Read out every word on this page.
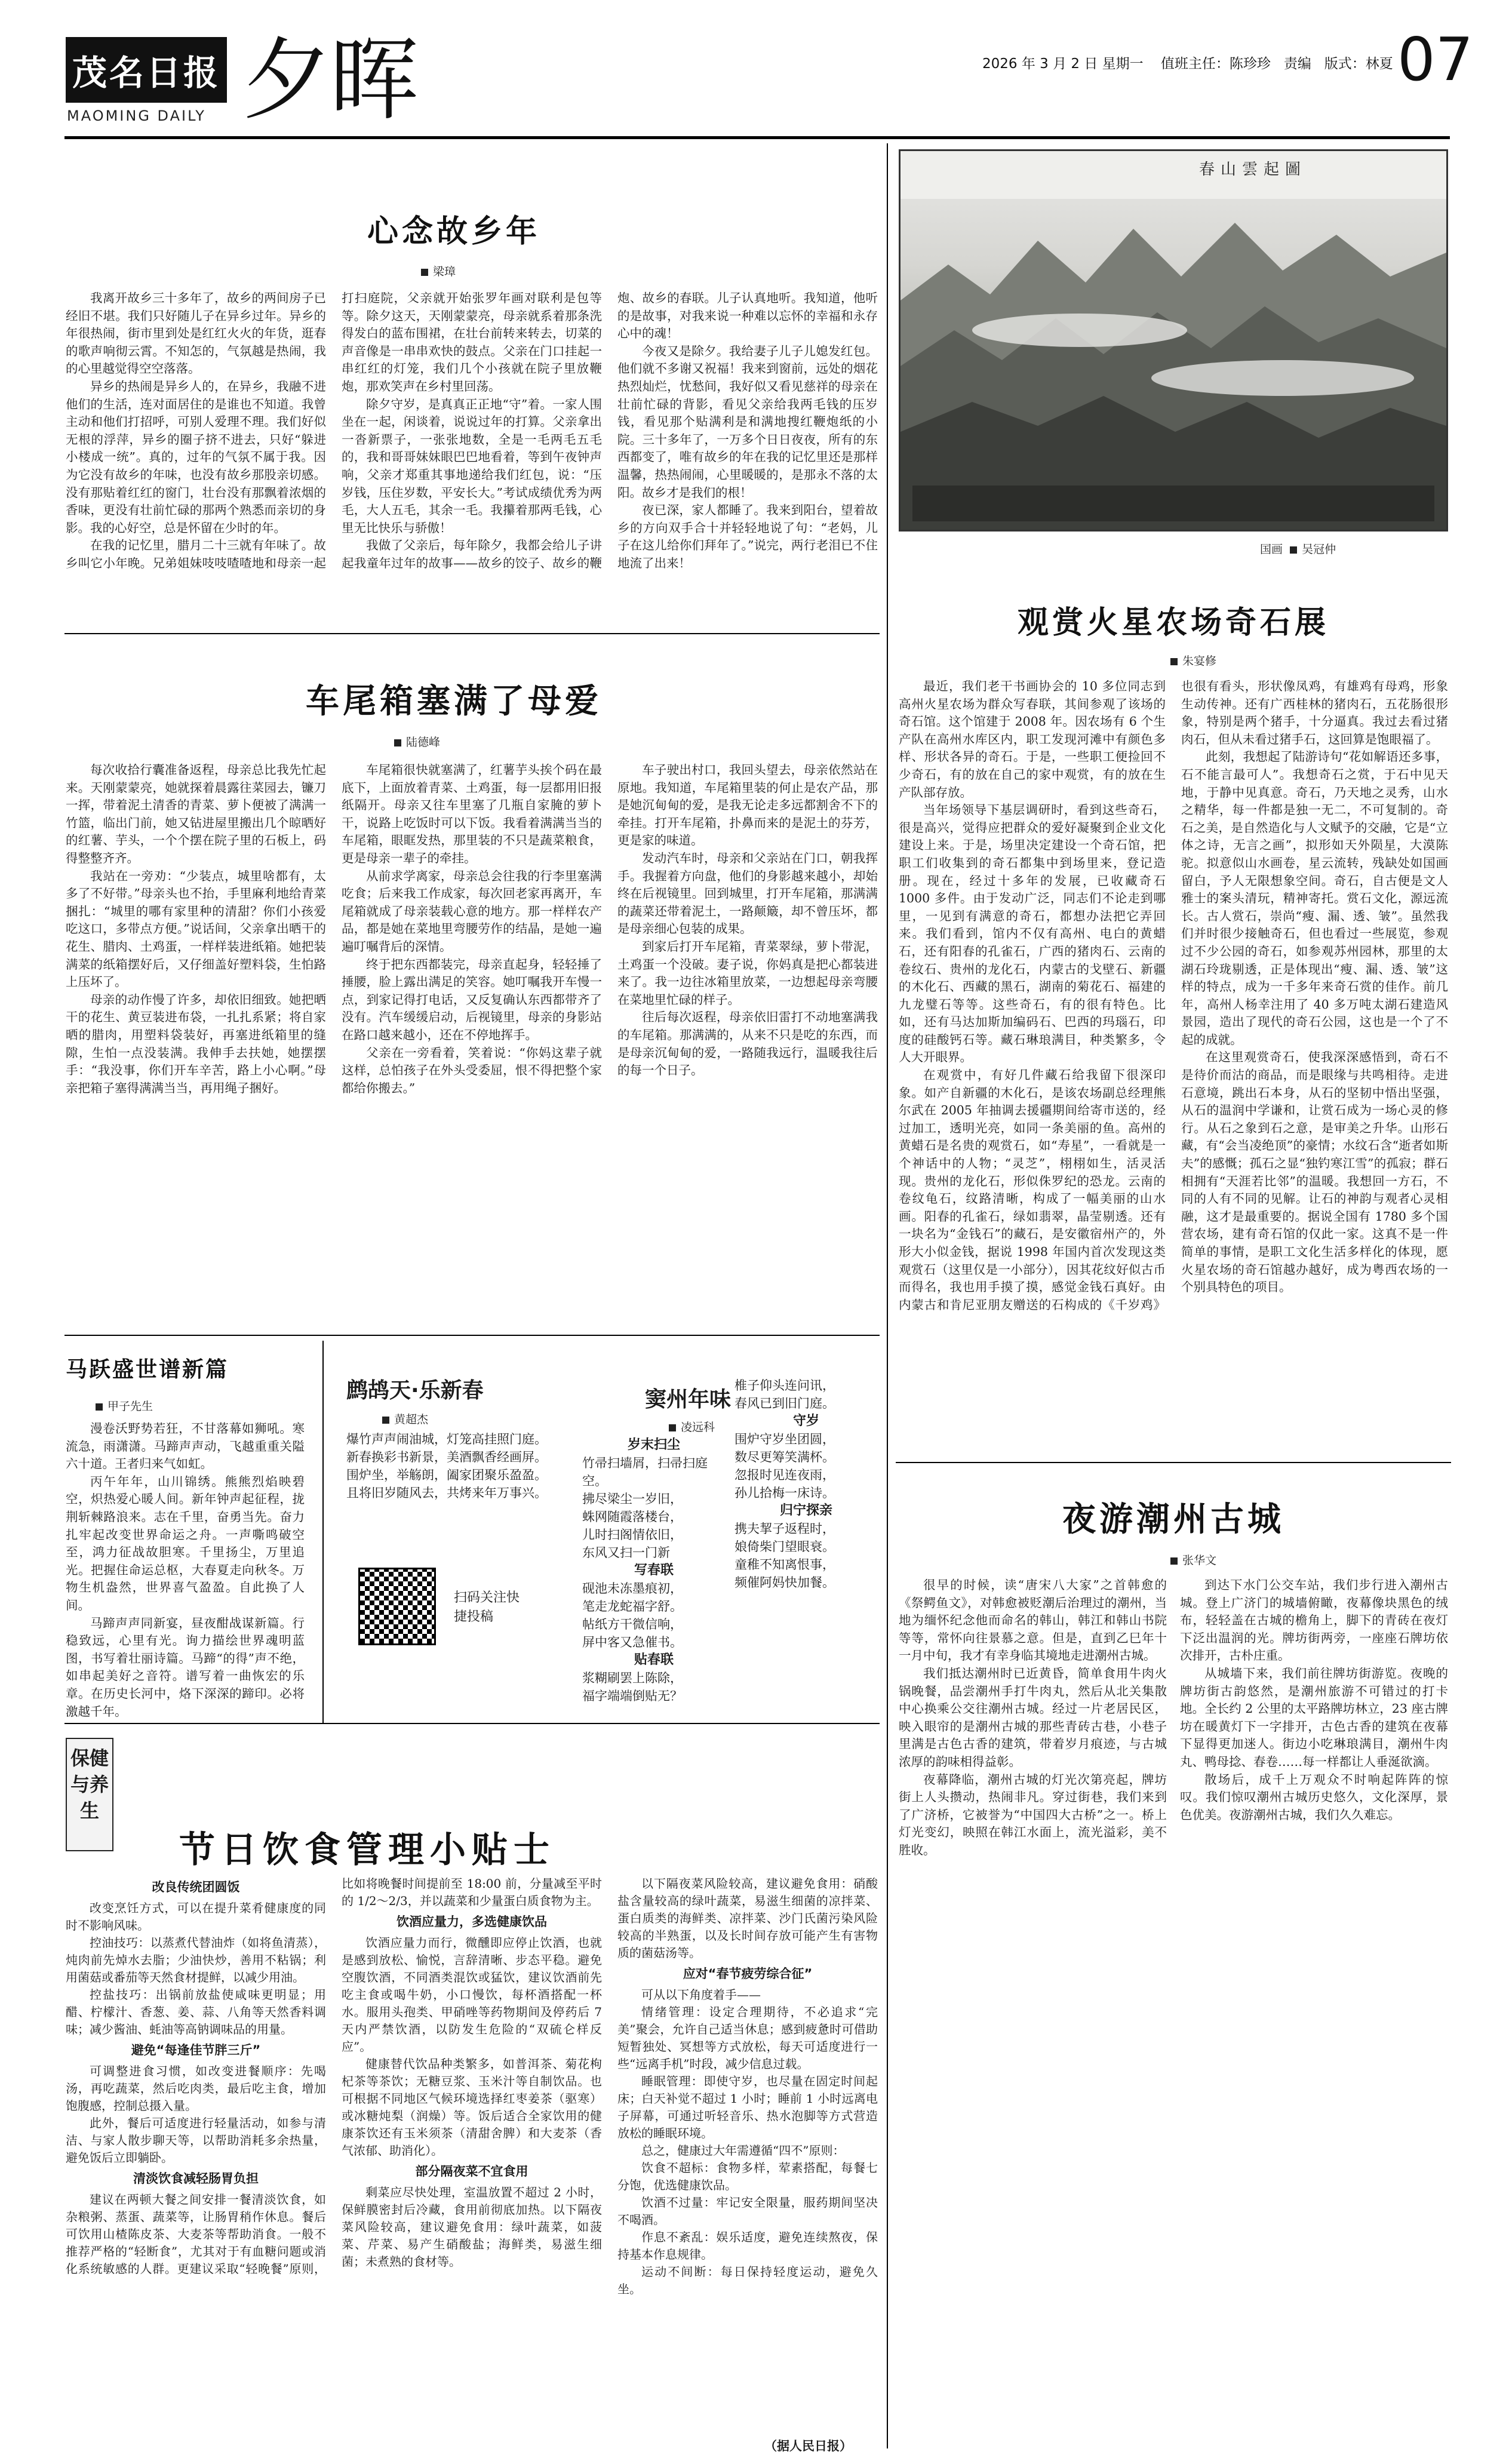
茂名日报
MAOMING DAILY 夕晖	2026 年 3 月 2 日 星期一 值班主任：陈珍珍 责编 版式：林夏 07
心念故乡年
梁璋

我离开故乡三十多年了，故乡的两间房子已经旧不堪。我们只好随儿子在异乡过年。异乡的年很热闹，街市里到处是红红火火的年货，逛春的歌声响彻云霄。不知怎的，气氛越是热闹，我的心里越觉得空空落落。

异乡的热闹是异乡人的，在异乡，我融不进他们的生活，连对面居住的是谁也不知道。我曾主动和他们打招呼，可别人爱理不理。我们好似无根的浮萍，异乡的圈子挤不进去，只好“躲进小楼成一统”。真的，过年的气氛不属于我。因为它没有故乡的年味，也没有故乡那股亲切感。没有那贴着红红的窗门，壮台没有那飘着浓烟的香味，更没有壮前忙碌的那两个熟悉而亲切的身影。我的心好空，总是怀留在少时的年。

在我的记忆里，腊月二十三就有年味了。故乡叫它小年晚。兄弟姐妹吱吱喳喳地和母亲一起打扫庭院，父亲就开始张罗年画对联利是包等等。除夕这天，天刚蒙蒙亮，母亲就系着那条洗得发白的蓝布围裙，在壮台前转来转去，切菜的声音像是一串串欢快的鼓点。父亲在门口挂起一串红红的灯笼，我们几个小孩就在院子里放鞭炮，那欢笑声在乡村里回荡。

除夕守岁，是真真正正地“守”着。一家人围坐在一起，闲谈着，说说过年的打算。父亲拿出一沓新票子，一张张地数，全是一毛两毛五毛的，我和哥哥妹妹眼巴巴地看着，等到午夜钟声响，父亲才郑重其事地递给我们红包，说：“压岁钱，压住岁数，平安长大。”考试成绩优秀为两毛，大人五毛，其余一毛。我攥着那两毛钱，心里无比快乐与骄傲！

我做了父亲后，每年除夕，我都会给儿子讲起我童年过年的故事——故乡的饺子、故乡的鞭炮、故乡的春联。儿子认真地听。我知道，他听的是故事，对我来说一种难以忘怀的幸福和永存心中的魂！

今夜又是除夕。我给妻子儿子儿媳发红包。他们就不多谢又祝福！我来到窗前，远处的烟花热烈灿烂，忧愁间，我好似又看见慈祥的母亲在壮前忙碌的背影，看见父亲给我两毛钱的压岁钱，看见那个贴满利是和满地搜红鞭炮纸的小院。三十多年了，一万多个日日夜夜，所有的东西都变了，唯有故乡的年在我的记忆里还是那样温馨，热热闹闹，心里暖暖的，是那永不落的太阳。故乡才是我们的根！

夜已深，家人都睡了。我来到阳台，望着故乡的方向双手合十并轻轻地说了句：“老妈，儿子在这儿给你们拜年了。”说完，两行老泪已不住地流了出来！

车尾箱塞满了母爱
陆德峰

每次收拾行囊准备返程，母亲总比我先忙起来。天刚蒙蒙亮，她就探着晨露往菜园去，镰刀一挥，带着泥土清香的青菜、萝卜便被了满满一竹篮，临出门前，她又钻进屋里搬出几个晾晒好的红薯、芋头，一个个摆在院子里的石板上，码得整整齐齐。

我站在一旁劝：“少装点，城里啥都有，太多了不好带。”母亲头也不抬，手里麻利地给青菜捆扎：“城里的哪有家里种的清甜？你们小孩爱吃这口，多带点方便。”说话间，父亲拿出晒干的花生、腊肉、土鸡蛋，一样样装进纸箱。她把装满菜的纸箱摆好后，又仔细盖好塑料袋，生怕路上压坏了。

母亲的动作慢了许多，却依旧细致。她把晒干的花生、黄豆装进布袋，一扎扎系紧；将自家晒的腊肉，用塑料袋装好，再塞进纸箱里的缝隙，生怕一点没装满。我伸手去扶她，她摆摆手：“我没事，你们开车辛苦，路上小心啊。”母亲把箱子塞得满满当当，再用绳子捆好。

车尾箱很快就塞满了，红薯芋头挨个码在最底下，上面放着青菜、土鸡蛋，每一层都用旧报纸隔开。母亲又往车里塞了几瓶自家腌的萝卜干，说路上吃饭时可以下饭。我看着满满当当的车尾箱，眼眶发热，那里装的不只是蔬菜粮食，更是母亲一辈子的牵挂。

从前求学离家，母亲总会往我的行李里塞满吃食；后来我工作成家，每次回老家再离开，车尾箱就成了母亲装载心意的地方。那一样样农产品，都是她在菜地里弯腰劳作的结晶，是她一遍遍叮嘱背后的深情。

终于把东西都装完，母亲直起身，轻轻捶了捶腰，脸上露出满足的笑容。她叮嘱我开车慢一点，到家记得打电话，又反复确认东西都带齐了没有。汽车缓缓启动，后视镜里，母亲的身影站在路口越来越小，还在不停地挥手。

父亲在一旁看着，笑着说：“你妈这辈子就这样，总怕孩子在外头受委屈，恨不得把整个家都给你搬去。”

车子驶出村口，我回头望去，母亲依然站在原地。我知道，车尾箱里装的何止是农产品，那是她沉甸甸的爱，是我无论走多远都割舍不下的牵挂。打开车尾箱，扑鼻而来的是泥土的芬芳，更是家的味道。

发动汽车时，母亲和父亲站在门口，朝我挥手。我握着方向盘，他们的身影越来越小，却始终在后视镜里。回到城里，打开车尾箱，那满满的蔬菜还带着泥土，一路颠簸，却不曾压坏，都是母亲细心包装的成果。

到家后打开车尾箱，青菜翠绿，萝卜带泥，土鸡蛋一个没破。妻子说，你妈真是把心都装进来了。我一边往冰箱里放菜，一边想起母亲弯腰在菜地里忙碌的样子。

往后每次返程，母亲依旧雷打不动地塞满我的车尾箱。那满满的，从来不只是吃的东西，而是母亲沉甸甸的爱，一路随我远行，温暖我往后的每一个日子。

马跃盛世谱新篇
甲子先生

漫卷沃野势若狂，不甘落幕如狮吼。寒流急，雨潇潇。马蹄声声动，飞越重重关隘六十道。王者归来气如虹。

丙午年年，山川锦绣。熊熊烈焰映碧空，炽热爱心暖人间。新年钟声起征程，拢荆斩棘路浪来。志在千里，奋勇当先。奋力扎牢起改变世界命运之舟。一声嘶鸣破空至，鸿力征战故胆寒。千里扬尘，万里追光。把握住命运总枢，大春夏走向秋冬。万物生机盎然，世界喜气盈盈。自此换了人间。

马蹄声声同新宴，昼夜酣战谋新篇。行稳致远，心里有光。询力描绘世界魂明蓝图，书写着壮丽诗篇。马蹄“的得”声不绝，如串起美好之音符。谱写着一曲恢宏的乐章。在历史长河中，烙下深深的蹄印。必将激越千年。

鹧鸪天·乐新春
黄超杰
爆竹声声闹油城，灯笼高挂照门庭。新春换彩书新景，美酒飘香经画屏。
围炉坐，举觞朗，阖家团聚乐盈盈。且将旧岁随风去，共烤来年万事兴。
扫码关注快捷投稿
窦州年味
凌远科
岁末扫尘
竹帚扫墙屑，扫帚扫庭空。
拂尽梁尘一岁旧，
蛛网随霞落楼台，
儿时扫阁情依旧，
东风又扫一门新
写春联
砚池未冻墨痕初，
笔走龙蛇福字舒。
帖纸方干微信响，
屏中客又急催书。
贴春联
浆糊刷罢上陈除，
福字端端倒贴无？
椎子仰头连问讯，
春风已到旧门庭。
守岁
围炉守岁坐团圆，
数尽更筹笑满杯。
忽报时见连夜雨，
孙儿拾梅一床诗。
归宁探亲
携夫挈子返程时，
娘倚柴门望眼衰。
童稚不知离恨事，
频催阿妈快加餐。
保健与养生
节日饮食管理小贴士

改良传统团圆饭

改变烹饪方式，可以在提升菜肴健康度的同时不影响风味。

控油技巧：以蒸煮代替油炸（如将鱼清蒸），炖肉前先焯水去脂；少油快炒，善用不粘锅；利用菌菇或番茄等天然食材提鲜，以减少用油。

控盐技巧：出锅前放盐使咸味更明显；用醋、柠檬汁、香葱、姜、蒜、八角等天然香料调味；减少酱油、蚝油等高钠调味品的用量。

避免“每逢佳节胖三斤”

可调整进食习惯，如改变进餐顺序：先喝汤，再吃蔬菜，然后吃肉类，最后吃主食，增加饱腹感，控制总摄入量。

此外，餐后可适度进行轻量活动，如参与清洁、与家人散步聊天等，以帮助消耗多余热量，避免饭后立即躺卧。

清淡饮食减轻肠胃负担

建议在两顿大餐之间安排一餐清淡饮食，如杂粮粥、蒸蛋、蔬菜等，让肠胃稍作休息。餐后可饮用山楂陈皮茶、大麦茶等帮助消食。一般不推荐严格的“轻断食”，尤其对于有血糖问题或消化系统敏感的人群。更建议采取“轻晚餐”原则，比如将晚餐时间提前至 18:00 前，分量减至平时的 1/2～2/3，并以蔬菜和少量蛋白质食物为主。

饮酒应量力，多选健康饮品

饮酒应量力而行，微醺即应停止饮酒，也就是感到放松、愉悦，言辞清晰、步态平稳。避免空腹饮酒，不同酒类混饮或猛饮，建议饮酒前先吃主食或喝牛奶，小口慢饮，每杯酒搭配一杯水。服用头孢类、甲硝唑等药物期间及停药后 7 天内严禁饮酒，以防发生危险的“双硫仑样反应”。

健康替代饮品种类繁多，如普洱茶、菊花枸杞茶等茶饮；无糖豆浆、玉米汁等自制饮品。也可根据不同地区气候环境选择红枣姜茶（驱寒）或冰糖炖梨（润燥）等。饭后适合全家饮用的健康茶饮还有玉米须茶（清甜舍脾）和大麦茶（香气浓郁、助消化）。

部分隔夜菜不宜食用

剩菜应尽快处理，室温放置不超过 2 小时，保鲜膜密封后冷藏，食用前彻底加热。以下隔夜菜风险较高，建议避免食用：绿叶蔬菜，如菠菜、芹菜、易产生硝酸盐；海鲜类，易滋生细菌；未煮熟的食材等。

以下隔夜菜风险较高，建议避免食用：硝酸盐含量较高的绿叶蔬菜，易滋生细菌的凉拌菜、蛋白质类的海鲜类、凉拌菜、沙门氏菌污染风险较高的半熟蛋，以及长时间存放可能产生有害物质的菌菇汤等。

应对“春节疲劳综合征”

可从以下角度着手——

情绪管理：设定合理期待，不必追求“完美”聚会，允许自己适当休息；感到疲惫时可借助短暂独处、冥想等方式放松，每天可适度进行一些“远离手机”时段，减少信息过载。

睡眠管理：即使守岁，也尽量在固定时间起床；白天补觉不超过 1 小时；睡前 1 小时远离电子屏幕，可通过听轻音乐、热水泡脚等方式营造放松的睡眠环境。

总之，健康过大年需遵循“四不”原则：

饮食不超标：食物多样，荤素搭配，每餐七分饱，优选健康饮品。

饮酒不过量：牢记安全限量，服药期间坚决不喝酒。

作息不紊乱：娱乐适度，避免连续熬夜，保持基本作息规律。

运动不间断：每日保持轻度运动，避免久坐。

（据人民日报）
春山雲起圖
国画 吴冠仲
观赏火星农场奇石展
朱宴修

最近，我们老干书画协会的 10 多位同志到高州火星农场为群众写春联，其间参观了该场的奇石馆。这个馆建于 2008 年。因农场有 6 个生产队在高州水库区内，职工发现河滩中有颜色多样、形状各异的奇石。于是，一些职工便捡回不少奇石，有的放在自己的家中观赏，有的放在生产队部存放。

当年场领导下基层调研时，看到这些奇石，很是高兴，觉得应把群众的爱好凝聚到企业文化建设上来。于是，场里决定建设一个奇石馆，把职工们收集到的奇石都集中到场里来，登记造册。现在，经过十多年的发展，已收藏奇石 1000 多件。由于发动广泛，同志们不论走到哪里，一见到有满意的奇石，都想办法把它弄回来。我们看到，馆内不仅有高州、电白的黄蜡石，还有阳春的孔雀石，广西的猪肉石、云南的卷纹石、贵州的龙化石，内蒙古的戈壁石、新疆的木化石、西藏的黑石，湖南的菊花石、福建的九龙璧石等等。这些奇石，有的很有特色。比如，还有马达加斯加编码石、巴西的玛瑙石，印度的硅酸钙石等。藏石琳琅满目，种类繁多，令人大开眼界。

在观赏中，有好几件藏石给我留下很深印象。如产自新疆的木化石，是该农场副总经理熊尔武在 2005 年抽调去援疆期间给寄市送的，经过加工，透明光亮，如同一条美丽的鱼。高州的黄蜡石是名贵的观赏石，如“寿星”，一看就是一个神话中的人物；“灵芝”，栩栩如生，活灵活现。贵州的龙化石，形似侏罗纪的恐龙。云南的卷纹龟石，纹路清晰，构成了一幅美丽的山水画。阳春的孔雀石，绿如翡翠，晶莹剔透。还有一块名为“金钱石”的藏石，是安徽宿州产的，外形大小似金钱，据说 1998 年国内首次发现这类观赏石（这里仅是一小部分），因其花纹好似古币而得名，我也用手摸了摸，感觉金钱石真好。由内蒙古和肯尼亚朋友赠送的石构成的《千岁鸡》也很有看头，形状像凤鸡，有雄鸡有母鸡，形象生动传神。还有广西桂林的猪肉石，五花肠很形象，特别是两个猪手，十分逼真。我过去看过猪肉石，但从未看过猪手石，这回算是饱眼福了。

此刻，我想起了陆游诗句“花如解语还多事，石不能言最可人”。我想奇石之赏，于石中见天地，于静中见真意。奇石，乃天地之灵秀，山水之精华，每一件都是独一无二，不可复制的。奇石之美，是自然造化与人文赋予的交融，它是“立体之诗，无言之画”，拟形如天外陨星，大漠陈驼。拟意似山水画卷，星云流转，残缺处如国画留白，予人无限想象空间。奇石，自古便是文人雅士的案头清玩，精神寄托。赏石文化，源远流长。古人赏石，崇尚“瘦、漏、透、皱”。虽然我们并时很少接触奇石，但也看过一些展览，参观过不少公园的奇石，如参观苏州园林，那里的太湖石玲珑剔透，正是体现出“瘦、漏、透、皱”这样的特点，成为一千多年来奇石赏的佳作。前几年，高州人杨幸注用了 40 多万吨太湖石建造风景园，造出了现代的奇石公园，这也是一个了不起的成就。

在这里观赏奇石，使我深深感悟到，奇石不是待价而沽的商品，而是眼缘与共鸣相待。走进石意境，跳出石本身，从石的坚韧中悟出坚强，从石的温润中学谦和，让赏石成为一场心灵的修行。从石之象到石之意，是审美之升华。山形石藏，有“会当凌绝顶”的豪情；水纹石含“逝者如斯夫”的感慨；孤石之显“独钓寒江雪”的孤寂；群石相拥有“天涯若比邻”的温暖。我想回一方石，不同的人有不同的见解。让石的神韵与观者心灵相融，这才是最重要的。据说全国有 1780 多个国营农场，建有奇石馆的仅此一家。这真不是一件简单的事情，是职工文化生活多样化的体现，愿火星农场的奇石馆越办越好，成为粤西农场的一个别具特色的项目。

夜游潮州古城
张华文

很早的时候，读“唐宋八大家”之首韩愈的《祭鳄鱼文》，对韩愈被贬潮后治理过的潮州，当地为缅怀纪念他而命名的韩山，韩江和韩山书院等等，常怀向往景慕之意。但是，直到乙巳年十一月中旬，我才有幸身临其境地走进潮州古城。

我们抵达潮州时已近黄昏，简单食用牛肉火锅晚餐，品尝潮州手打牛肉丸，然后从北关集散中心换乘公交往潮州古城。经过一片老居民区，映入眼帘的是潮州古城的那些青砖古巷，小巷子里满是古色古香的建筑，带着岁月痕迹，与古城浓厚的韵味相得益彰。

夜幕降临，潮州古城的灯光次第亮起，牌坊街上人头攒动，热闹非凡。穿过街巷，我们来到了广济桥，它被誉为“中国四大古桥”之一。桥上灯光变幻，映照在韩江水面上，流光溢彩，美不胜收。

到达下水门公交车站，我们步行进入潮州古城。登上广济门的城墙俯瞰，夜幕像块黑色的绒布，轻轻盖在古城的檐角上，脚下的青砖在夜灯下泛出温润的光。牌坊街两旁，一座座石牌坊依次排开，古朴庄重。

从城墙下来，我们前往牌坊街游览。夜晚的牌坊街古韵悠然，是潮州旅游不可错过的打卡地。全长约 2 公里的太平路牌坊林立，23 座古牌坊在暖黄灯下一字排开，古色古香的建筑在夜幕下显得更加迷人。街边小吃琳琅满目，潮州牛肉丸、鸭母捻、春卷……每一样都让人垂涎欲滴。

散场后，成千上万观众不时响起阵阵的惊叹。我们惊叹潮州古城历史悠久，文化深厚，景色优美。夜游潮州古城，我们久久难忘。
